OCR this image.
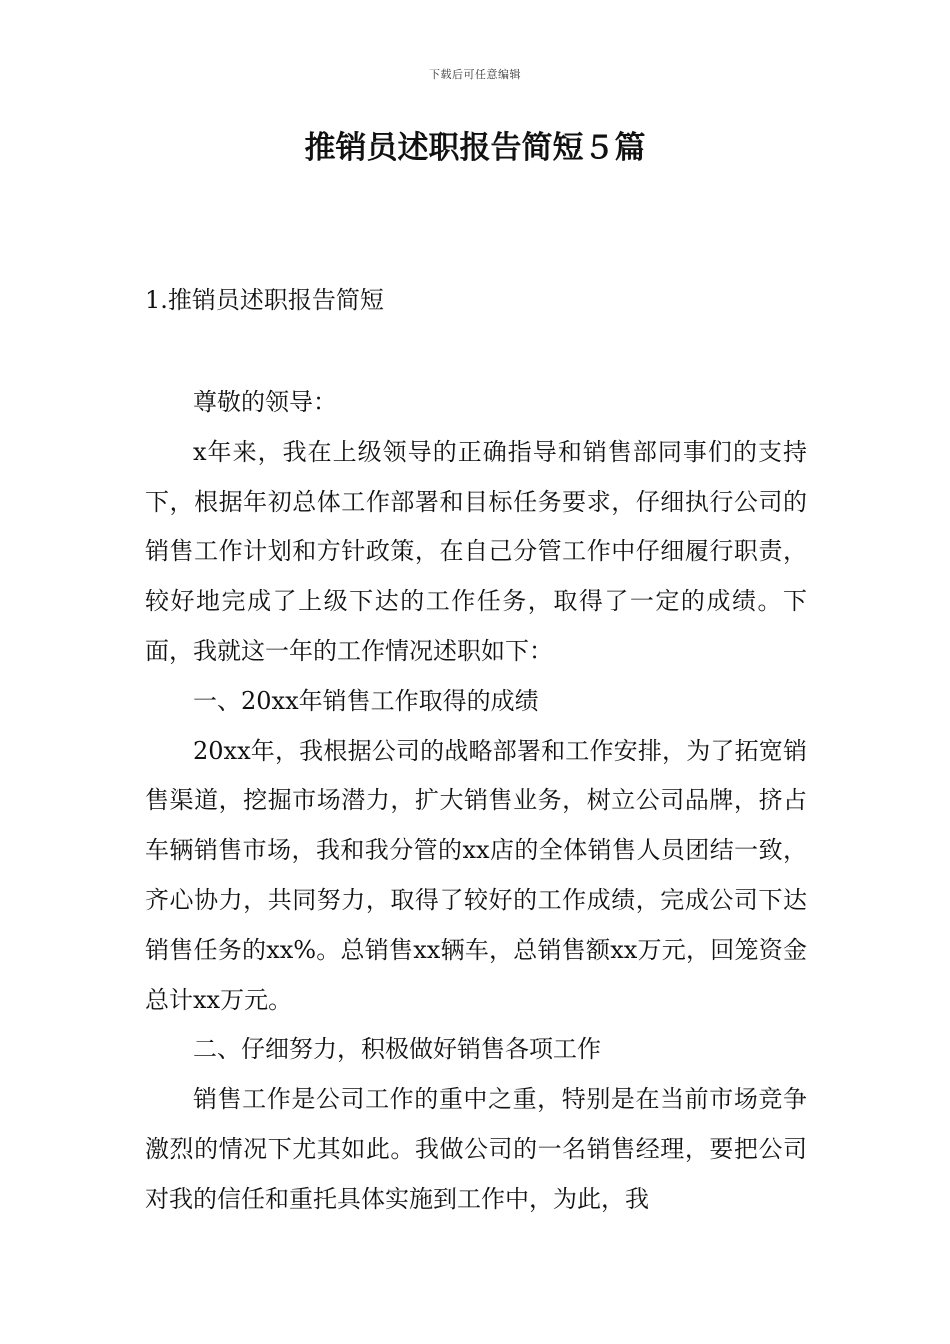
下载后可任意编辑
推销员述职报告简短５篇
1.推销员述职报告简短

尊敬的领导：

x年来，我在上级领导的正确指导和销售部同事们的支持下，根据年初总体工作部署和目标任务要求，仔细执行公司的销售工作计划和方针政策，在自己分管工作中仔细履行职责，较好地完成了上级下达的工作任务，取得了一定的成绩。下面，我就这一年的工作情况述职如下：

一、20xx年销售工作取得的成绩

20xx年，我根据公司的战略部署和工作安排，为了拓宽销售渠道，挖掘市场潜力，扩大销售业务，树立公司品牌，挤占车辆销售市场，我和我分管的xx店的全体销售人员团结一致，齐心协力，共同努力，取得了较好的工作成绩，完成公司下达销售任务的xx%。总销售xx辆车，总销售额xx万元，回笼资金总计xx万元。

二、仔细努力，积极做好销售各项工作

销售工作是公司工作的重中之重，特别是在当前市场竞争激烈的情况下尤其如此。我做公司的一名销售经理，要把公司对我的信任和重托具体实施到工作中，为此，我
